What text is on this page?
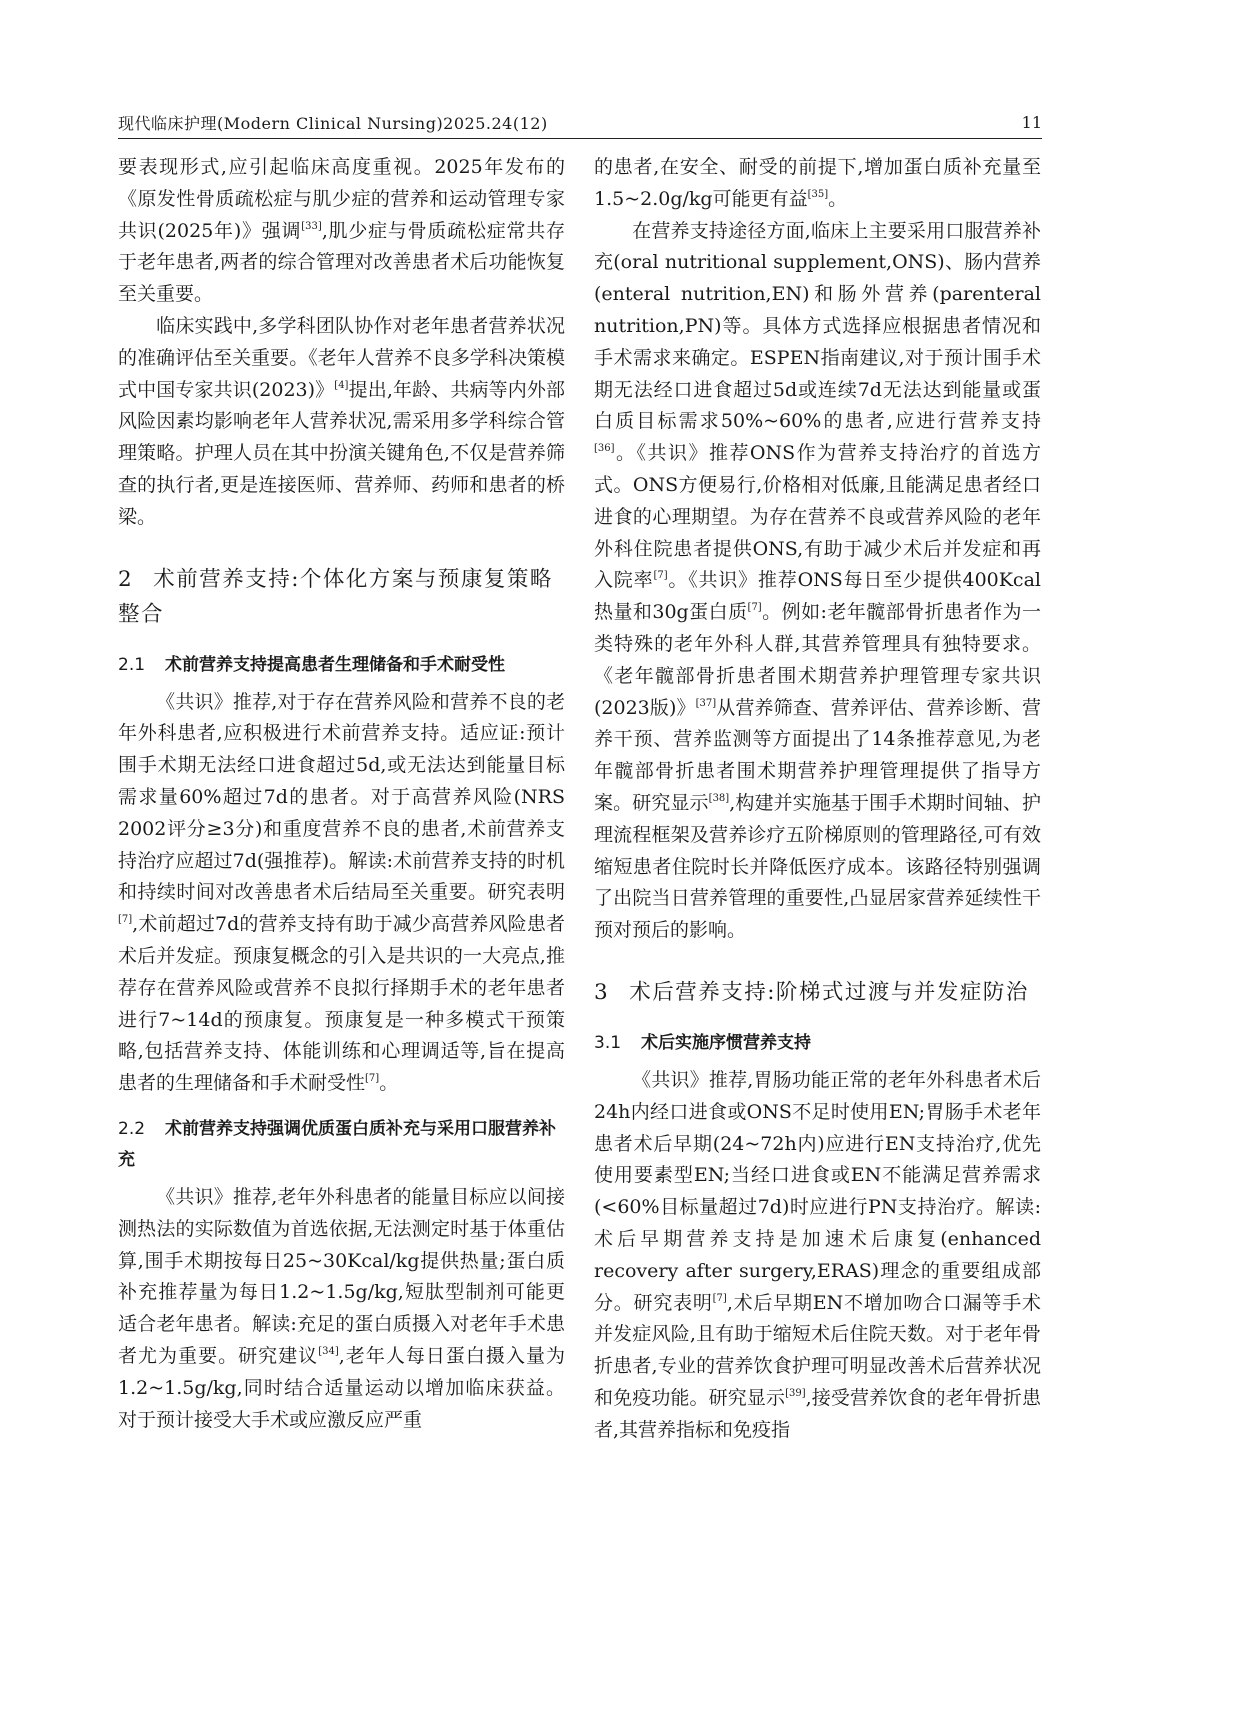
现代临床护理(Modern Clinical Nursing)2025.24(12)	11

要表现形式,应引起临床高度重视。2025年发布的《原发性骨质疏松症与肌少症的营养和运动管理专家共识(2025年)》强调[33],肌少症与骨质疏松症常共存于老年患者,两者的综合管理对改善患者术后功能恢复至关重要。

临床实践中,多学科团队协作对老年患者营养状况的准确评估至关重要。《老年人营养不良多学科决策模式中国专家共识(2023)》[4]提出,年龄、共病等内外部风险因素均影响老年人营养状况,需采用多学科综合管理策略。护理人员在其中扮演关键角色,不仅是营养筛查的执行者,更是连接医师、营养师、药师和患者的桥梁。

2 术前营养支持:个体化方案与预康复策略整合
2.1 术前营养支持提高患者生理储备和手术耐受性

《共识》推荐,对于存在营养风险和营养不良的老年外科患者,应积极进行术前营养支持。适应证:预计围手术期无法经口进食超过5d,或无法达到能量目标需求量60%超过7d的患者。对于高营养风险(NRS 2002评分≥3分)和重度营养不良的患者,术前营养支持治疗应超过7d(强推荐)。解读:术前营养支持的时机和持续时间对改善患者术后结局至关重要。研究表明[7],术前超过7d的营养支持有助于减少高营养风险患者术后并发症。预康复概念的引入是共识的一大亮点,推荐存在营养风险或营养不良拟行择期手术的老年患者进行7~14d的预康复。预康复是一种多模式干预策略,包括营养支持、体能训练和心理调适等,旨在提高患者的生理储备和手术耐受性[7]。

2.2 术前营养支持强调优质蛋白质补充与采用口服营养补充

《共识》推荐,老年外科患者的能量目标应以间接测热法的实际数值为首选依据,无法测定时基于体重估算,围手术期按每日25~30Kcal/kg提供热量;蛋白质补充推荐量为每日1.2~1.5g/kg,短肽型制剂可能更适合老年患者。解读:充足的蛋白质摄入对老年手术患者尤为重要。研究建议[34],老年人每日蛋白摄入量为1.2~1.5g/kg,同时结合适量运动以增加临床获益。对于预计接受大手术或应激反应严重

的患者,在安全、耐受的前提下,增加蛋白质补充量至1.5~2.0g/kg可能更有益[35]。

在营养支持途径方面,临床上主要采用口服营养补充(oral nutritional supplement,ONS)、肠内营养(enteral nutrition,EN)和肠外营养(parenteral nutrition,PN)等。具体方式选择应根据患者情况和手术需求来确定。ESPEN指南建议,对于预计围手术期无法经口进食超过5d或连续7d无法达到能量或蛋白质目标需求50%~60%的患者,应进行营养支持[36]。《共识》推荐ONS作为营养支持治疗的首选方式。ONS方便易行,价格相对低廉,且能满足患者经口进食的心理期望。为存在营养不良或营养风险的老年外科住院患者提供ONS,有助于减少术后并发症和再入院率[7]。《共识》推荐ONS每日至少提供400Kcal热量和30g蛋白质[7]。例如:老年髋部骨折患者作为一类特殊的老年外科人群,其营养管理具有独特要求。《老年髋部骨折患者围术期营养护理管理专家共识(2023版)》[37]从营养筛查、营养评估、营养诊断、营养干预、营养监测等方面提出了14条推荐意见,为老年髋部骨折患者围术期营养护理管理提供了指导方案。研究显示[38],构建并实施基于围手术期时间轴、护理流程框架及营养诊疗五阶梯原则的管理路径,可有效缩短患者住院时长并降低医疗成本。该路径特别强调了出院当日营养管理的重要性,凸显居家营养延续性干预对预后的影响。

3 术后营养支持:阶梯式过渡与并发症防治
3.1 术后实施序惯营养支持

《共识》推荐,胃肠功能正常的老年外科患者术后24h内经口进食或ONS不足时使用EN;胃肠手术老年患者术后早期(24~72h内)应进行EN支持治疗,优先使用要素型EN;当经口进食或EN不能满足营养需求(<60%目标量超过7d)时应进行PN支持治疗。解读:术后早期营养支持是加速术后康复(enhanced recovery after surgery,ERAS)理念的重要组成部分。研究表明[7],术后早期EN不增加吻合口漏等手术并发症风险,且有助于缩短术后住院天数。对于老年骨折患者,专业的营养饮食护理可明显改善术后营养状况和免疫功能。研究显示[39],接受营养饮食的老年骨折患者,其营养指标和免疫指
